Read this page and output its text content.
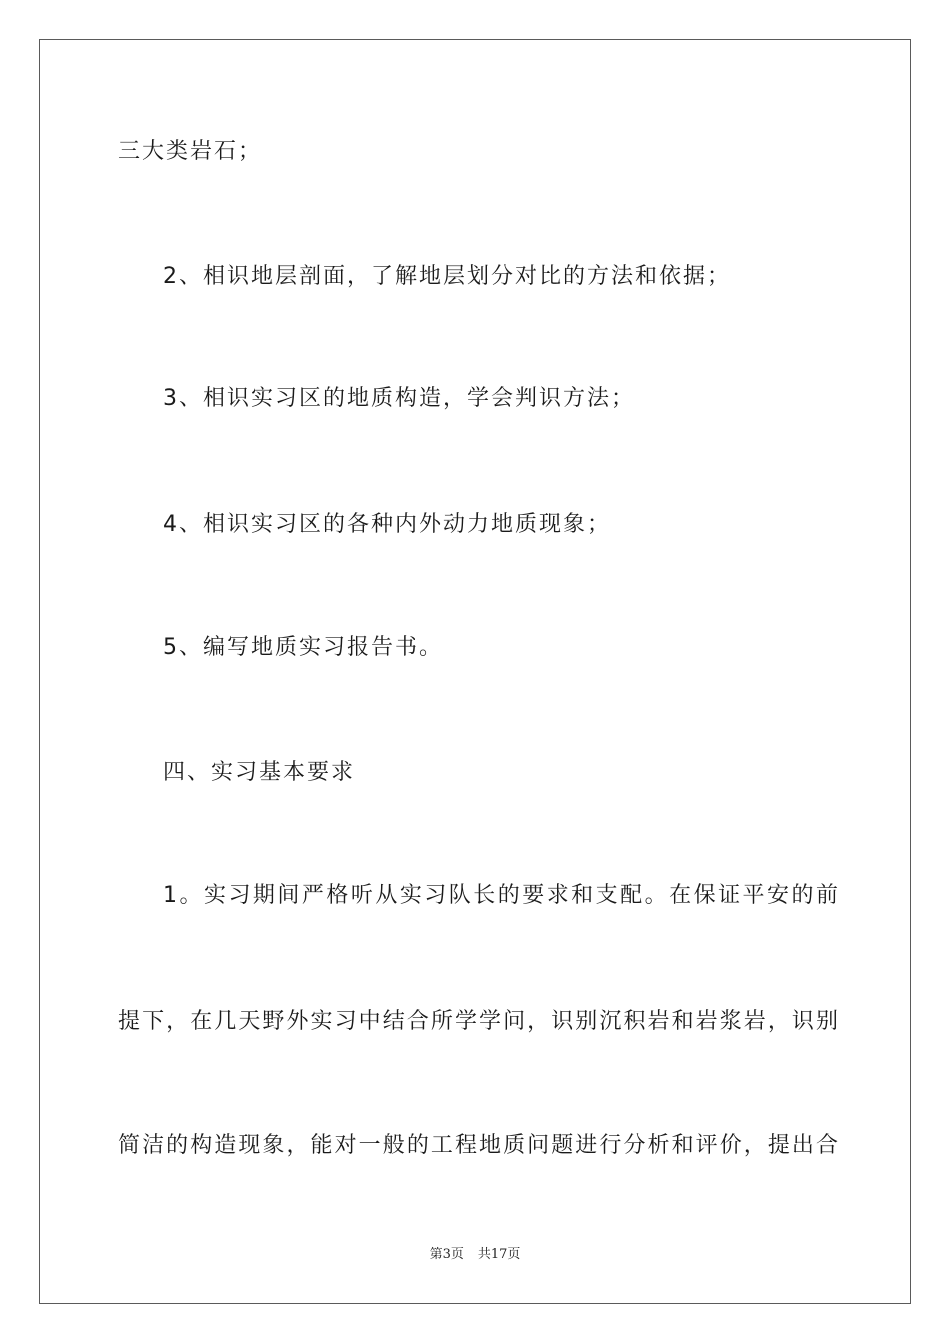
三大类岩石；
2、相识地层剖面，了解地层划分对比的方法和依据；
3、相识实习区的地质构造，学会判识方法；
4、相识实习区的各种内外动力地质现象；
5、编写地质实习报告书。
四、实习基本要求
1。实习期间严格听从实习队长的要求和支配。在保证平安的前
提下，在几天野外实习中结合所学学问，识别沉积岩和岩浆岩，识别
简洁的构造现象，能对一般的工程地质问题进行分析和评价，提出合
第3页 共17页
